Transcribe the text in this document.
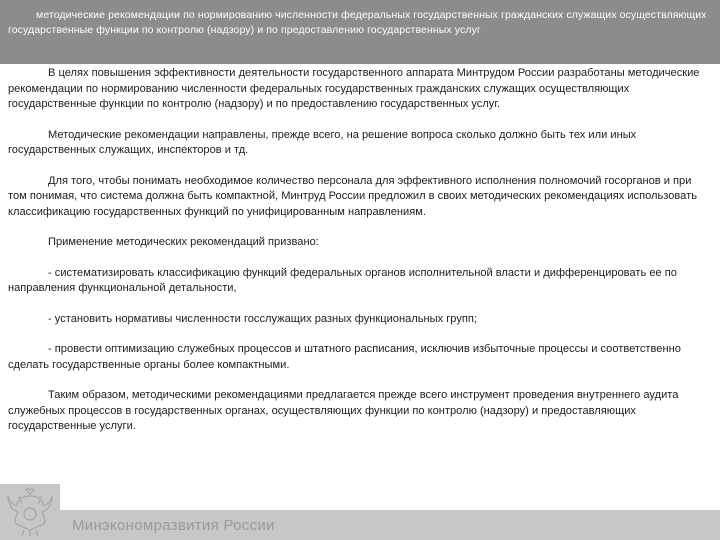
методические рекомендации по нормированию численности федеральных государственных гражданских служащих осуществляющих государственные функции по контролю (надзору) и по предоставлению государственных услуг

В целях повышения эффективности деятельности государственного аппарата Минтрудом России разработаны методические рекомендации по нормированию численности федеральных государственных гражданских служащих осуществляющих государственные функции по контролю (надзору) и по предоставлению государственных услуг.

Методические рекомендации направлены, прежде всего, на решение вопроса сколько должно быть тех или иных государственных служащих, инспекторов и тд.

Для того, чтобы понимать необходимое количество персонала для эффективного исполнения полномочий госорганов и при том понимая, что система должна быть компактной, Минтруд России предложил в своих методических рекомендациях использовать классификацию государственных функций по унифицированным направлениям.

Применение методических рекомендаций призвано:

- систематизировать классификацию функций федеральных органов исполнительной власти и дифференцировать ее по направления функциональной детальности,

- установить нормативы численности госслужащих разных функциональных групп;

- провести оптимизацию служебных процессов и штатного расписания, исключив избыточные процессы и соответственно сделать государственные органы более компактными.

Таким образом, методическими рекомендациями предлагается прежде всего инструмент проведения внутреннего аудита служебных процессов в государственных органах, осуществляющих функции по контролю (надзору) и предоставляющих государственные услуги.

Минэкономразвития России
